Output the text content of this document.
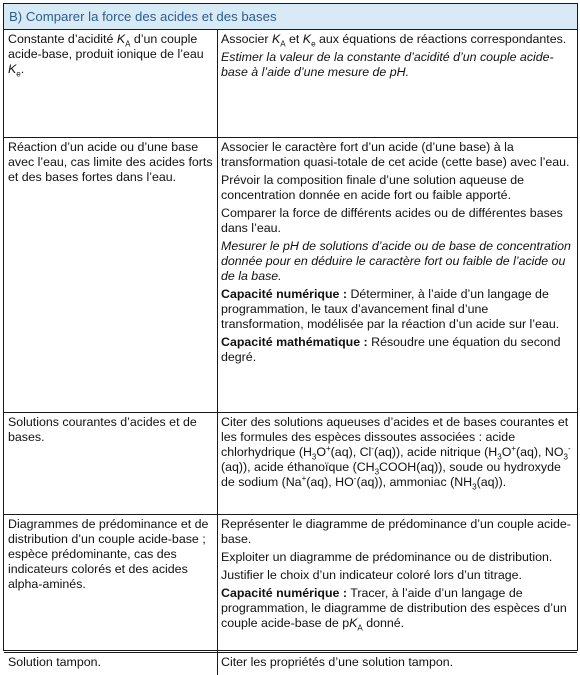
B) Comparer la force des acides et des bases
Constante d’acidité $K_A$ d’un couple acide-base, produit ionique de l’eau $K_e$.
Associer $K_A$ et $K_e$ aux équations de réactions correspondantes.
Estimer la valeur de la constante d’acidité d’un couple acide-base à l’aide d’une mesure de pH.
Réaction d’un acide ou d’une base avec l’eau, cas limite des acides forts et des bases fortes dans l’eau.
Associer le caractère fort d’un acide (d’une base) à la transformation quasi-totale de cet acide (cette base) avec l’eau.
Prévoir la composition finale d’une solution aqueuse de concentration donnée en acide fort ou faible apporté.
Comparer la force de différents acides ou de différentes bases dans l’eau.
Mesurer le pH de solutions d’acide ou de base de concentration donnée pour en déduire le caractère fort ou faible de l’acide ou de la base.
Capacité numérique : Déterminer, à l’aide d’un langage de programmation, le taux d’avancement final d’une transformation, modélisée par la réaction d’un acide sur l’eau.
Capacité mathématique : Résoudre une équation du second degré.
Solutions courantes d’acides et de bases.
Citer des solutions aqueuses d’acides et de bases courantes et les formules des espèces dissoutes associées : acide chlorhydrique ($H_3O^+(aq)$, Cl-(aq)), acide nitrique ($H_3O^+(aq)$, $NO_3^-(aq)$), acide éthanoïque $(CH_3COOH(aq))$, soude ou hydroxyde de sodium (Na+(aq), HO-(aq)), ammoniac $(NH_3(aq))$.
Diagrammes de prédominance et de distribution d’un couple acide-base ; espèce prédominante, cas des indicateurs colorés et des acides alpha-aminés.
Représenter le diagramme de prédominance d’un couple acide-base.
Exploiter un diagramme de prédominance ou de distribution.
Justifier le choix d’un indicateur coloré lors d’un titrage.
Capacité numérique : Tracer, à l’aide d’un langage de programmation, le diagramme de distribution des espèces d’un couple acide-base de $pK_A$ donné.
Solution tampon.	Citer les propriétés d’une solution tampon.
